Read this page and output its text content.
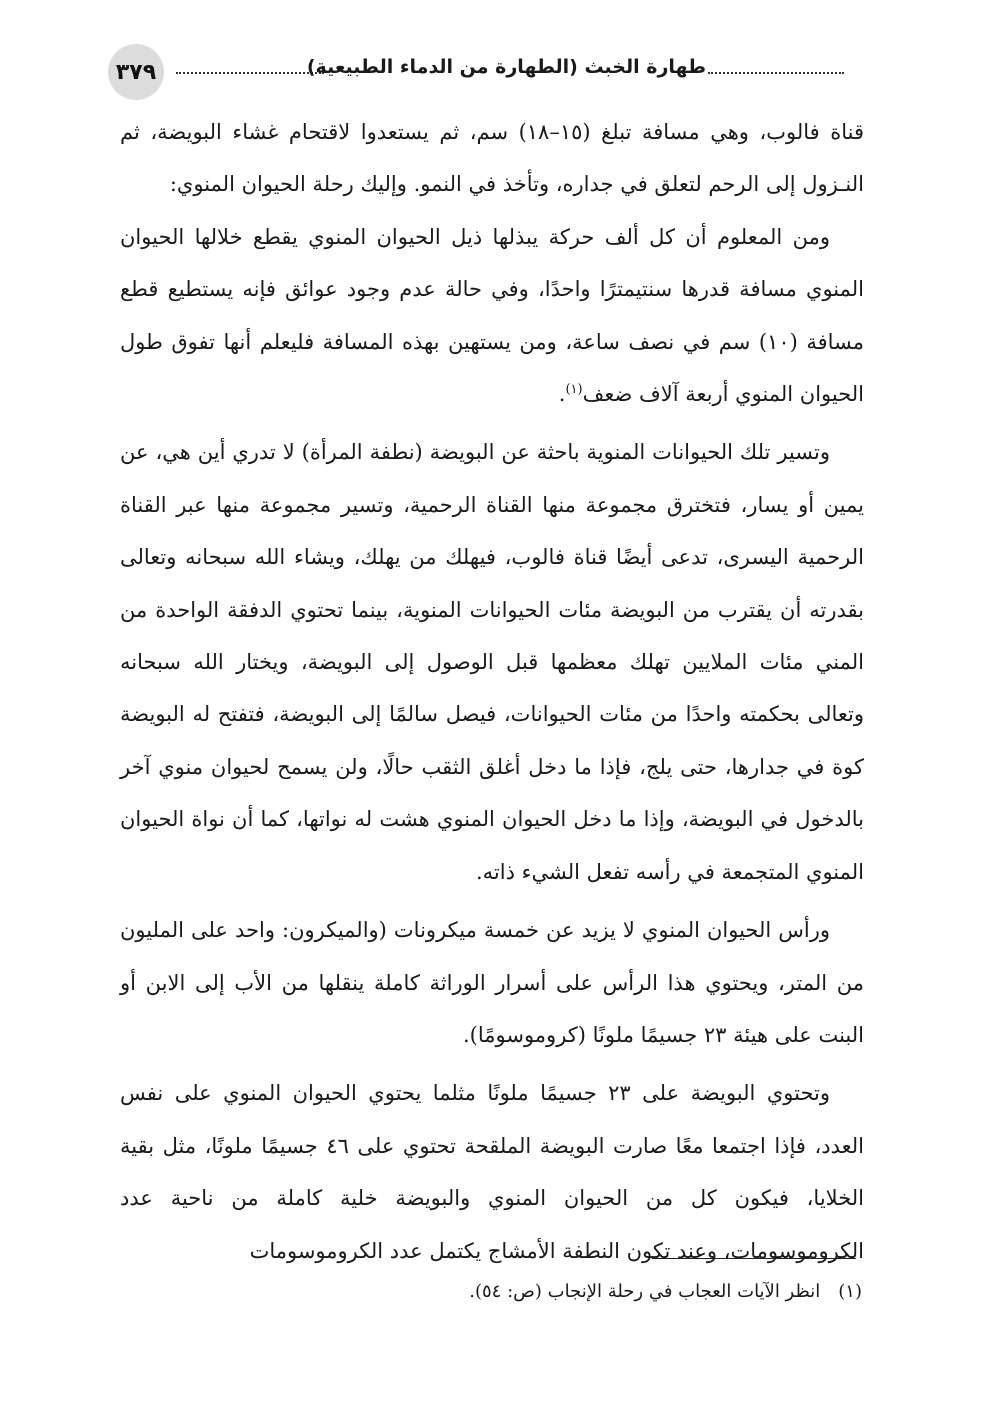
٣٧٩	طهارة الخبث (الطهارة من الدماء الطبيعية)

قناة فالوب، وهي مسافة تبلغ (١٥–١٨) سم، ثم يستعدوا لاقتحام غشاء البويضة، ثم النـزول إلى الرحم لتعلق في جداره، وتأخذ في النمو. وإليك رحلة الحيوان المنوي:

ومن المعلوم أن كل ألف حركة يبذلها ذيل الحيوان المنوي يقطع خلالها الحيوان المنوي مسافة قدرها سنتيمترًا واحدًا، وفي حالة عدم وجود عوائق فإنه يستطيع قطع مسافة (١٠) سم في نصف ساعة، ومن يستهين بهذه المسافة فليعلم أنها تفوق طول الحيوان المنوي أربعة آلاف ضعف$^{(١)}$.

وتسير تلك الحيوانات المنوية باحثة عن البويضة (نطفة المرأة) لا تدري أين هي، عن يمين أو يسار، فتخترق مجموعة منها القناة الرحمية، وتسير مجموعة منها عبر القناة الرحمية اليسرى، تدعى أيضًا قناة فالوب، فيهلك من يهلك، ويشاء الله سبحانه وتعالى بقدرته أن يقترب من البويضة مئات الحيوانات المنوية، بينما تحتوي الدفقة الواحدة من المني مئات الملايين تهلك معظمها قبل الوصول إلى البويضة، ويختار الله سبحانه وتعالى بحكمته واحدًا من مئات الحيوانات، فيصل سالمًا إلى البويضة، فتفتح له البويضة كوة في جدارها، حتى يلج، فإذا ما دخل أغلق الثقب حالًا، ولن يسمح لحيوان منوي آخر بالدخول في البويضة، وإذا ما دخل الحيوان المنوي هشت له نواتها، كما أن نواة الحيوان المنوي المتجمعة في رأسه تفعل الشيء ذاته.

ورأس الحيوان المنوي لا يزيد عن خمسة ميكرونات (والميكرون: واحد على المليون من المتر، ويحتوي هذا الرأس على أسرار الوراثة كاملة ينقلها من الأب إلى الابن أو البنت على هيئة ٢٣ جسيمًا ملونًا (كروموسومًا).

وتحتوي البويضة على ٢٣ جسيمًا ملونًا مثلما يحتوي الحيوان المنوي على نفس العدد، فإذا اجتمعا معًا صارت البويضة الملقحة تحتوي على ٤٦ جسيمًا ملونًا، مثل بقية الخلايا، فيكون كل من الحيوان المنوي والبويضة خلية كاملة من ناحية عدد الكروموسومات، وعند تكون النطفة الأمشاج يكتمل عدد الكروموسومات

(١)انظر الآيات العجاب في رحلة الإنجاب (ص: ٥٤).
